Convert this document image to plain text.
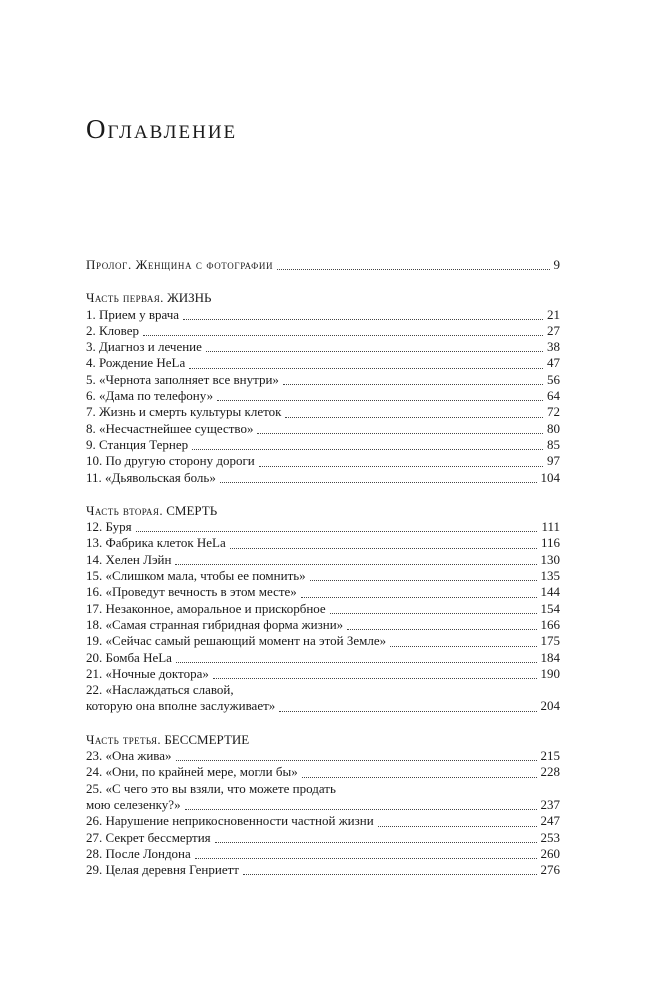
Оглавление
Пролог. Женщина с фотографии	9
Часть первая. ЖИЗНЬ
1. Прием у врача	21
2. Кловер	27
3. Диагноз и лечение	38
4. Рождение HeLa	47
5. «Чернота заполняет все внутри»	56
6. «Дама по телефону»	64
7. Жизнь и смерть культуры клеток	72
8. «Несчастнейшее существо»	80
9. Станция Тернер	85
10. По другую сторону дороги	97
11. «Дьявольская боль»	104
Часть вторая. СМЕРТЬ
12. Буря	111
13. Фабрика клеток HeLa	116
14. Хелен Лэйн	130
15. «Слишком мала, чтобы ее помнить»	135
16. «Проведут вечность в этом месте»	144
17. Незаконное, аморальное и прискорбное	154
18. «Самая странная гибридная форма жизни»	166
19. «Сейчас самый решающий момент на этой Земле»	175
20. Бомба HeLa	184
21. «Ночные доктора»	190
22. «Наслаждаться славой,
которую она вполне заслуживает»	204
Часть третья. БЕССМЕРТИЕ
23. «Она жива»	215
24. «Они, по крайней мере, могли бы»	228
25. «С чего это вы взяли, что можете продать
мою селезенку?»	237
26. Нарушение неприкосновенности частной жизни	247
27. Секрет бессмертия	253
28. После Лондона	260
29. Целая деревня Генриетт	276
